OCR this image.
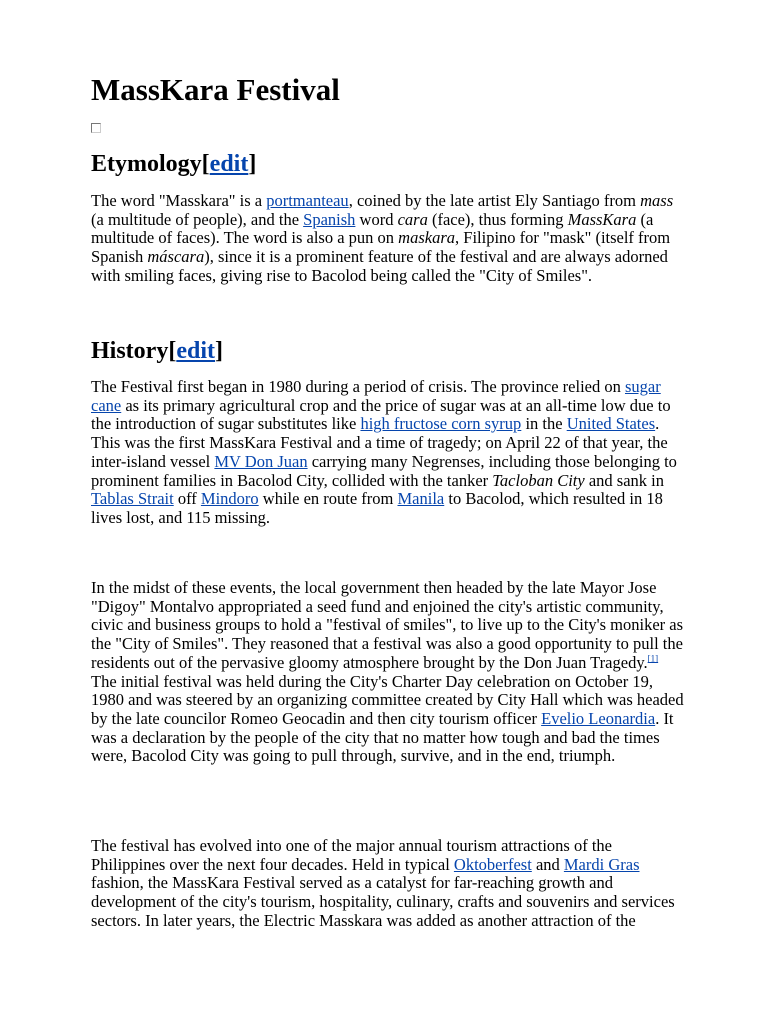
MassKara Festival
Etymology[edit]

The word "Masskara" is a portmanteau, coined by the late artist Ely Santiago from mass (a multitude of people), and the Spanish word cara (face), thus forming MassKara (a multitude of faces). The word is also a pun on maskara, Filipino for "mask" (itself from Spanish máscara), since it is a prominent feature of the festival and are always adorned with smiling faces, giving rise to Bacolod being called the "City of Smiles".

History[edit]

The Festival first began in 1980 during a period of crisis. The province relied on sugar cane as its primary agricultural crop and the price of sugar was at an all-time low due to the introduction of sugar substitutes like high fructose corn syrup in the United States. This was the first MassKara Festival and a time of tragedy; on April 22 of that year, the inter-island vessel MV Don Juan carrying many Negrenses, including those belonging to prominent families in Bacolod City, collided with the tanker Tacloban City and sank in Tablas Strait off Mindoro while en route from Manila to Bacolod, which resulted in 18 lives lost, and 115 missing.

In the midst of these events, the local government then headed by the late Mayor Jose "Digoy" Montalvo appropriated a seed fund and enjoined the city's artistic community, civic and business groups to hold a "festival of smiles", to live up to the City's moniker as the "City of Smiles". They reasoned that a festival was also a good opportunity to pull the residents out of the pervasive gloomy atmosphere brought by the Don Juan Tragedy.[1] The initial festival was held during the City's Charter Day celebration on October 19, 1980 and was steered by an organizing committee created by City Hall which was headed by the late councilor Romeo Geocadin and then city tourism officer Evelio Leonardia. It was a declaration by the people of the city that no matter how tough and bad the times were, Bacolod City was going to pull through, survive, and in the end, triumph.

The festival has evolved into one of the major annual tourism attractions of the Philippines over the next four decades. Held in typical Oktoberfest and Mardi Gras fashion, the MassKara Festival served as a catalyst for far-reaching growth and development of the city's tourism, hospitality, culinary, crafts and souvenirs and services sectors. In later years, the Electric Masskara was added as another attraction of the
